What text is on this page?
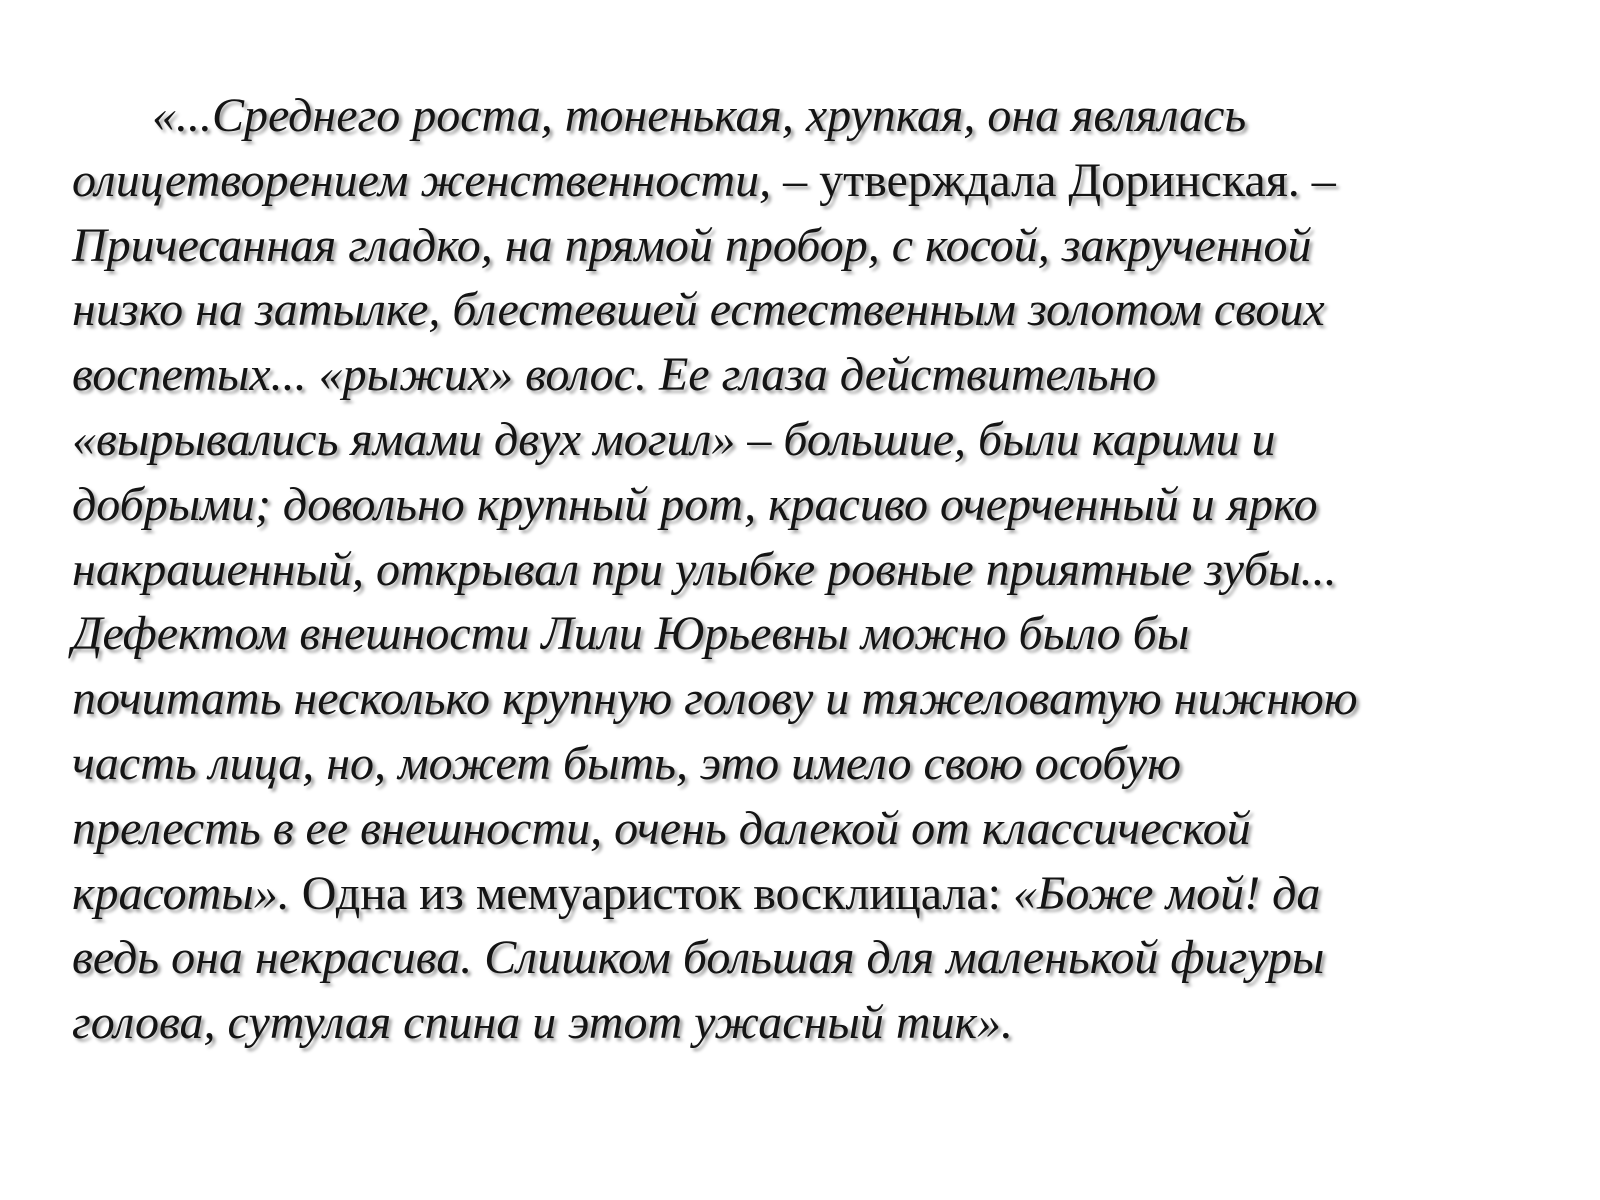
«...Среднего роста, тоненькая, хрупкая, она являлась
олицетворением женственности, – утверждала Доринская. –
Причесанная гладко, на прямой пробор, с косой, закрученной
низко на затылке, блестевшей естественным золотом своих
воспетых... «рыжих» волос. Ее глаза действительно
«вырывались ямами двух могил» – большие, были карими и
добрыми; довольно крупный рот, красиво очерченный и ярко
накрашенный, открывал при улыбке ровные приятные зубы...
Дефектом внешности Лили Юрьевны можно было бы
почитать несколько крупную голову и тяжеловатую нижнюю
часть лица, но, может быть, это имело свою особую
прелесть в ее внешности, очень далекой от классической
красоты». Одна из мемуаристок восклицала: «Боже мой! да
ведь она некрасива. Слишком большая для маленькой фигуры
голова, сутулая спина и этот ужасный тик».
